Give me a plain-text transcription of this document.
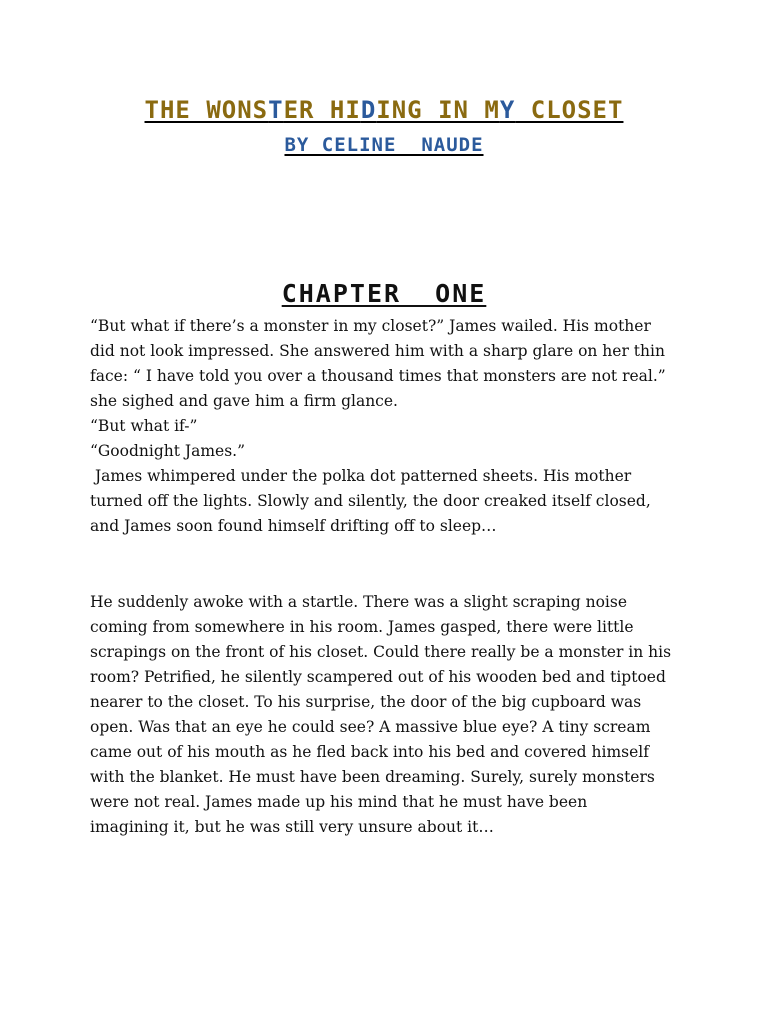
THE WONSTER HIDING IN MY CLOSET
BY CELINE  NAUDE
CHAPTER  ONE

“But what if there’s a monster in my closet?” James wailed. His mother

did not look impressed. She answered him with a sharp glare on her thin

face: “ I have told you over a thousand times that monsters are not real.”

she sighed and gave him a firm glance.

“But what if-”

“Goodnight James.”

James whimpered under the polka dot patterned sheets. His mother

turned off the lights. Slowly and silently, the door creaked itself closed,

and James soon found himself drifting off to sleep…

He suddenly awoke with a startle. There was a slight scraping noise

coming from somewhere in his room. James gasped, there were little

scrapings on the front of his closet. Could there really be a monster in his

room? Petrified, he silently scampered out of his wooden bed and tiptoed

nearer to the closet. To his surprise, the door of the big cupboard was

open. Was that an eye he could see? A massive blue eye? A tiny scream

came out of his mouth as he fled back into his bed and covered himself

with the blanket. He must have been dreaming. Surely, surely monsters

were not real. James made up his mind that he must have been

imagining it, but he was still very unsure about it…
